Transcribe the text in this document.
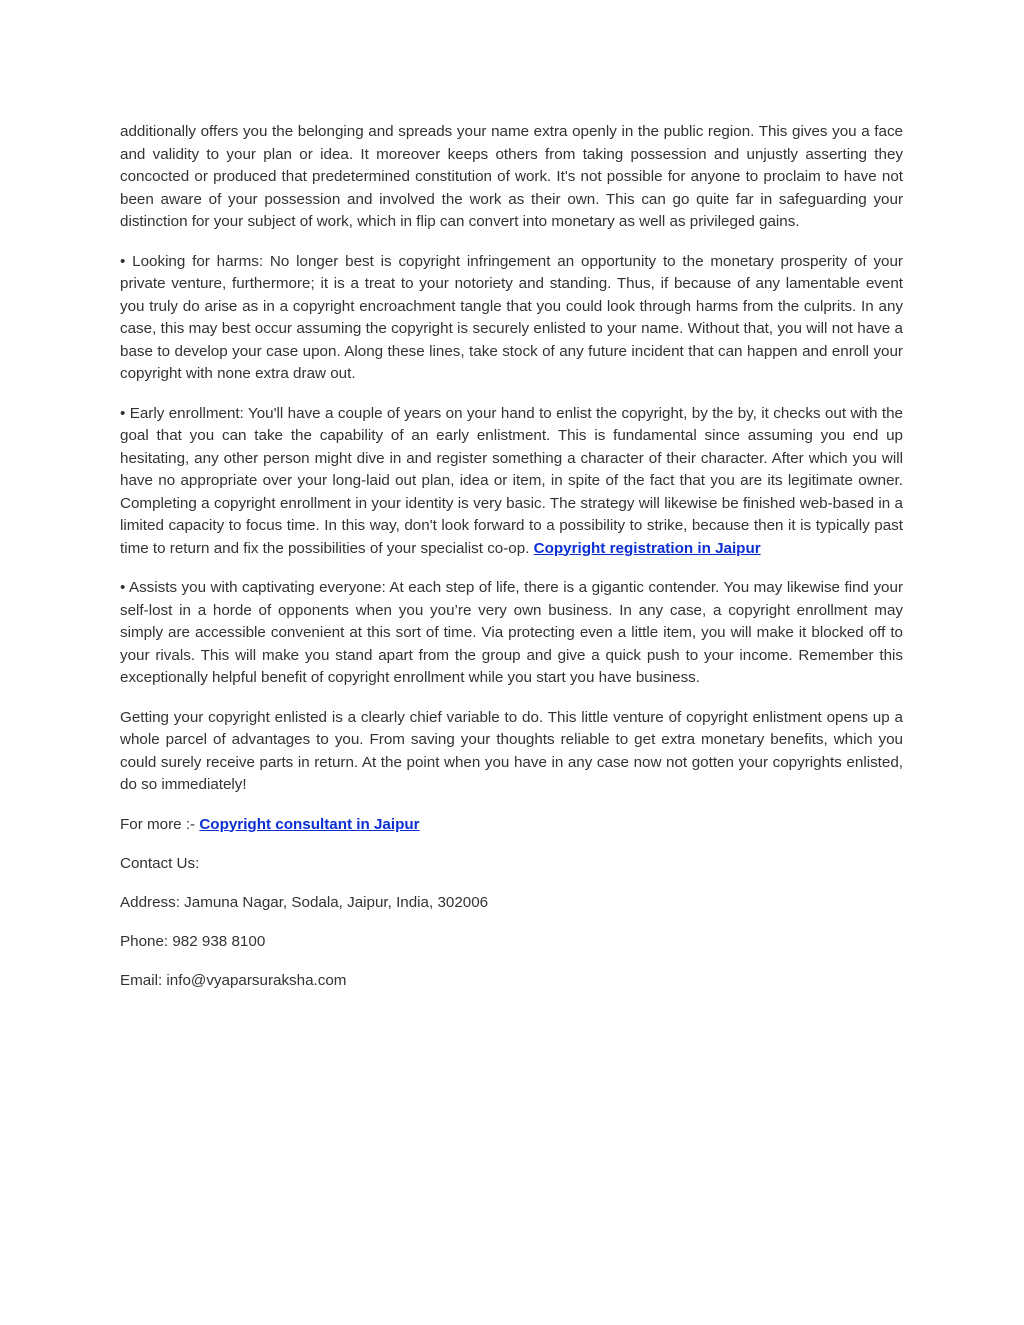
additionally offers you the belonging and spreads your name extra openly in the public region. This gives you a face and validity to your plan or idea. It moreover keeps others from taking possession and unjustly asserting they concocted or produced that predetermined constitution of work. It's not possible for anyone to proclaim to have not been aware of your possession and involved the work as their own. This can go quite far in safeguarding your distinction for your subject of work, which in flip can convert into monetary as well as privileged gains.

• Looking for harms: No longer best is copyright infringement an opportunity to the monetary prosperity of your private venture, furthermore; it is a treat to your notoriety and standing. Thus, if because of any lamentable event you truly do arise as in a copyright encroachment tangle that you could look through harms from the culprits. In any case, this may best occur assuming the copyright is securely enlisted to your name. Without that, you will not have a base to develop your case upon. Along these lines, take stock of any future incident that can happen and enroll your copyright with none extra draw out.

• Early enrollment: You'll have a couple of years on your hand to enlist the copyright, by the by, it checks out with the goal that you can take the capability of an early enlistment. This is fundamental since assuming you end up hesitating, any other person might dive in and register something a character of their character. After which you will have no appropriate over your long-laid out plan, idea or item, in spite of the fact that you are its legitimate owner. Completing a copyright enrollment in your identity is very basic. The strategy will likewise be finished web-based in a limited capacity to focus time. In this way, don't look forward to a possibility to strike, because then it is typically past time to return and fix the possibilities of your specialist co-op. Copyright registration in Jaipur

• Assists you with captivating everyone: At each step of life, there is a gigantic contender. You may likewise find your self-lost in a horde of opponents when you you’re very own business. In any case, a copyright enrollment may simply are accessible convenient at this sort of time. Via protecting even a little item, you will make it blocked off to your rivals. This will make you stand apart from the group and give a quick push to your income. Remember this exceptionally helpful benefit of copyright enrollment while you start you have business.

Getting your copyright enlisted is a clearly chief variable to do. This little venture of copyright enlistment opens up a whole parcel of advantages to you. From saving your thoughts reliable to get extra monetary benefits, which you could surely receive parts in return. At the point when you have in any case now not gotten your copyrights enlisted, do so immediately!

For more :- Copyright consultant in Jaipur

Contact Us:

Address: Jamuna Nagar, Sodala, Jaipur, India, 302006

Phone: 982 938 8100

Email: info@vyaparsuraksha.com
